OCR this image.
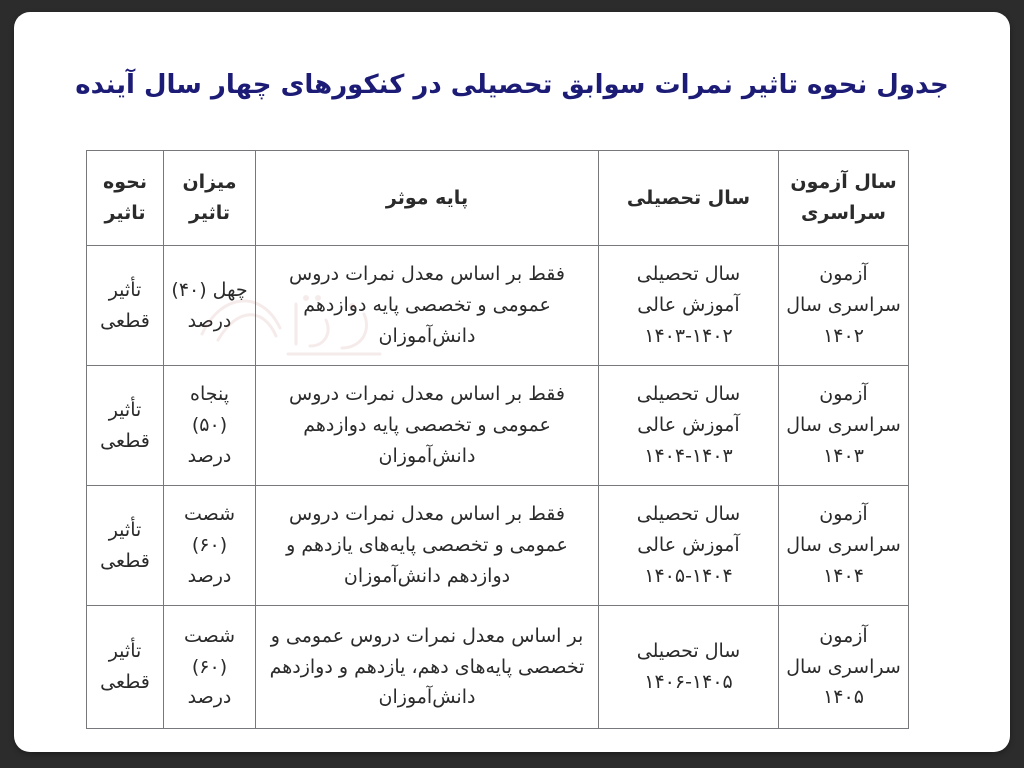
جدول نحوه تاثیر نمرات سوابق تحصیلی در کنکورهای چهار سال آینده
سال آزمون سراسری	سال تحصیلی	پایه موثر	میزان تاثیر	نحوه تاثیر
آزمون سراسری سال ۱۴۰۲	سال تحصیلی آموزش عالی ۱۴۰۲-۱۴۰۳	فقط بر اساس معدل نمرات دروس عمومی و تخصصی پایه دوازدهم دانش‌آموزان	چهل (۴۰) درصد	تأثیر قطعی
آزمون سراسری سال ۱۴۰۳	سال تحصیلی آموزش عالی ۱۴۰۳-۱۴۰۴	فقط بر اساس معدل نمرات دروس عمومی و تخصصی پایه دوازدهم دانش‌آموزان	پنجاه (۵۰) درصد	تأثیر قطعی
آزمون سراسری سال ۱۴۰۴	سال تحصیلی آموزش عالی ۱۴۰۴-۱۴۰۵	فقط بر اساس معدل نمرات دروس عمومی و تخصصی پایه‌های یازدهم و دوازدهم دانش‌آموزان	شصت (۶۰) درصد	تأثیر قطعی
آزمون سراسری سال ۱۴۰۵	سال تحصیلی ۱۴۰۵-۱۴۰۶	بر اساس معدل نمرات دروس عمومی و تخصصی پایه‌های دهم، یازدهم و دوازدهم دانش‌آموزان	شصت (۶۰) درصد	تأثیر قطعی
